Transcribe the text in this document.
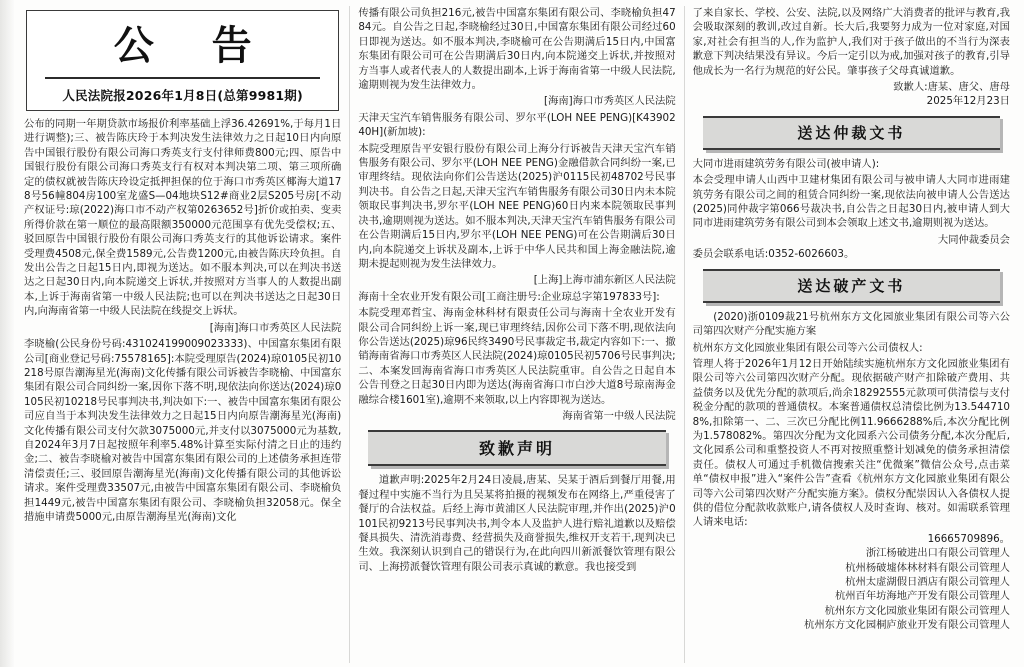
公 告
人民法院报2026年1月8日(总第9981期)

公布的同期一年期贷款市场报价利率基础上浮36.42691%,于每月1日进行调整);三、被告陈庆玲于本判决发生法律效力之日起10日内向原告中国银行股份有限公司海口秀英支行支付律师费800元;四、原告中国银行股份有限公司海口秀英支行有权对本判决第二项、第三项所确定的债权就被告陈庆玲设定抵押担保的位于海口市秀英区椰海大道178号56幢804房100室龙盛S—04地块S12#商业2层S205号房[不动产权证号:琼(2022)海口市不动产权第0263652号]折价或拍卖、变卖所得价款在第一顺位的最高限额350000元范围享有优先受偿权;五、驳回原告中国银行股份有限公司海口秀英支行的其他诉讼请求。案件受理费4508元,保全费1589元,公告费1200元,由被告陈庆玲负担。自发出公告之日起15日内,即视为送达。如不服本判决,可以在判决书送达之日起30日内,向本院递交上诉状,并按照对方当事人的人数提出副本,上诉于海南省第一中级人民法院;也可以在判决书送达之日起30日内,向海南省第一中级人民法院在线提交上诉状。

[海南]海口市秀英区人民法院

李晓榆(公民身份号码:431024199009023333)、中国富东集团有限公司[商业登记号码:75578165]:本院受理原告(2024)琼0105民初10218号原告潮海星光(海南)文化传播有限公司诉被告李晓榆、中国富东集团有限公司合同纠纷一案,因你下落不明,现依法向你送达(2024)琼0105民初10218号民事判决书,判决如下:一、被告中国富东集团有限公司应自当于本判决发生法律效力之日起15日内向原告潮海星光(海南)文化传播有限公司支付欠款3075000元,并支付以3075000元为基数,自2024年3月7日起按照年利率5.48%计算至实际付清之日止的违约金;二、被告李晓榆对被告中国富东集团有限公司的上述债务承担连带清偿责任;三、驳回原告潮海星光(海南)文化传播有限公司的其他诉讼请求。案件受理费33507元,由被告中国富东集团有限公司、李晓榆负担1449元,被告中国富东集团有限公司、李晓榆负担32058元。保全措施申请费5000元,由原告潮海星光(海南)文化

传播有限公司负担216元,被告中国富东集团有限公司、李晓榆负担4784元。自公告之日起,李晓榆经过30日,中国富东集团有限公司经过60日即视为送达。如不服本判决,李晓榆可在公告期满后15日内,中国富东集团有限公司可在公告期满后30日内,向本院递交上诉状,并按照对方当事人或者代表人的人数提出副本,上诉于海南省第一中级人民法院,逾期则视为发生法律效力。

[海南]海口市秀英区人民法院

天津天宝汽车销售服务有限公司、罗尔平(LOH NEE PENG)[K4390240H](新加坡):

本院受理原告平安银行股份有限公司上海分行诉被告天津天宝汽车销售服务有限公司、罗尔平(LOH NEE PENG)金融借款合同纠纷一案,已审理终结。现依法向你们公告送达(2025)沪0115民初48702号民事判决书。自公告之日起,天津天宝汽车销售服务有限公司30日内未本院领取民事判决书,罗尔平(LOH NEE PENG)60日内来本院领取民事判决书,逾期则视为送达。如不服本判决,天津天宝汽车销售服务有限公司在公告期满后15日内,罗尔平(LOH NEE PENG)可在公告期满后30日内,向本院递交上诉状及副本,上诉于中华人民共和国上海金融法院,逾期未提起则视为发生法律效力。

[上海]上海市浦东新区人民法院

海南十全农业开发有限公司[工商注册号:企业琼总字第197833号]:

本院受理邓哲宝、海南金林科材有限责任公司与海南十全农业开发有限公司合同纠纷上诉一案,现已审理终结,因你公司下落不明,现依法向你公告送达(2025)琼96民终3490号民事裁定书,裁定内容如下:一、撤销海南省海口市秀英区人民法院(2024)琼0105民初5706号民事判决;二、本案发回海南省海口市秀英区人民法院重审。自公告之日起自本公告刊登之日起30日内即为送达(海南省海口市白沙大道8号琼南海金融综合楼1601室),逾期不来领取,以上内容即视为送达。

海南省第一中级人民法院
致歉声明

道歉声明:2025年2月24日凌晨,唐某、吴某于酒后到餐厅用餐,用餐过程中实施不当行为且吴某将拍摄的视频发布在网络上,严重侵害了餐厅的合法权益。后经上海市黄浦区人民法院审理,并作出(2025)沪0101民初9213号民事判决书,判令本人及监护人进行赔礼道歉以及赔偿餐具损失、清洗消毒费、经营损失及商誉损失,维权开支若干,现判决已生效。我深刻认识到自己的错误行为,在此向四川新派餐饮管理有限公司、上海捞派餐饮管理有限公司表示真诚的歉意。我也接受到

了来自家长、学校、公安、法院,以及网络广大消费者的批评与教育,我会吸取深刻的教训,改过自新。长大后,我要努力成为一位对家庭,对国家,对社会有担当的人,作为监护人,我们对于孩子做出的不当行为深表歉意下判决结果没有异议。今后一定引以为戒,加强对孩子的教育,引导他成长为一名行为规范的好公民。肇事孩子父母真诚道歉。

致歉人:唐某、唐父、唐母
2025年12月23日
送达仲裁文书

大同市进雨建筑劳务有限公司(被申请人):

本会受理申请人山西中卫建材集团有限公司与被申请人大同市进雨建筑劳务有限公司之间的租赁合同纠纷一案,现依法向被申请人公告送达(2025)同仲裁字第066号裁决书,自公告之日起30日内,被申请人到大同市进雨建筑劳务有限公司到本会领取上述文书,逾期则视为送达。

大同仲裁委员会

委员会联系电话:0352-6026603。

送达破产文书

(2020)浙0109裁21号杭州东方文化园旅业集团有限公司等六公司第四次财产分配实施方案

杭州东方文化园旅业集团有限公司等六公司债权人:

管理人将于2026年1月12日开始陆续实施杭州东方文化园旅业集团有限公司等六公司第四次财产分配。现依据破产财产扣除破产费用、共益债务以及优先分配的款项后,尚余18292555元款项可供清偿与支付税金分配的款项的普通债权。本案普通债权总清偿比例为13.5447108%,扣除第一、二、三次已分配比例11.9666288%后,本次分配比例为1.578082%。第四次分配为文化园系六公司债务分配,本次分配后,文化园系公司和重整投资人不再对按照重整计划减免的债务承担清偿责任。债权人可通过手机微信搜索关注“优微案”微信公众号,点击菜单“债权申报”进入“案件公告”查看《杭州东方文化园旅业集团有限公司等六公司第四次财产分配实施方案》。债权分配崇因认入各债权人提供的借位分配款收款账户,请各债权人及时查询、核对。如需联系管理人请来电话:

16665709896。
浙江杨破进出口有限公司管理人
杭州杨破墟体林材料有限公司管理人
杭州太虚湖假日酒店有限公司管理人
杭州百年坊海地产开发有限公司管理人
杭州东方文化园旅业集团有限公司管理人
杭州东方文化园桐庐旅业开发有限公司管理人
